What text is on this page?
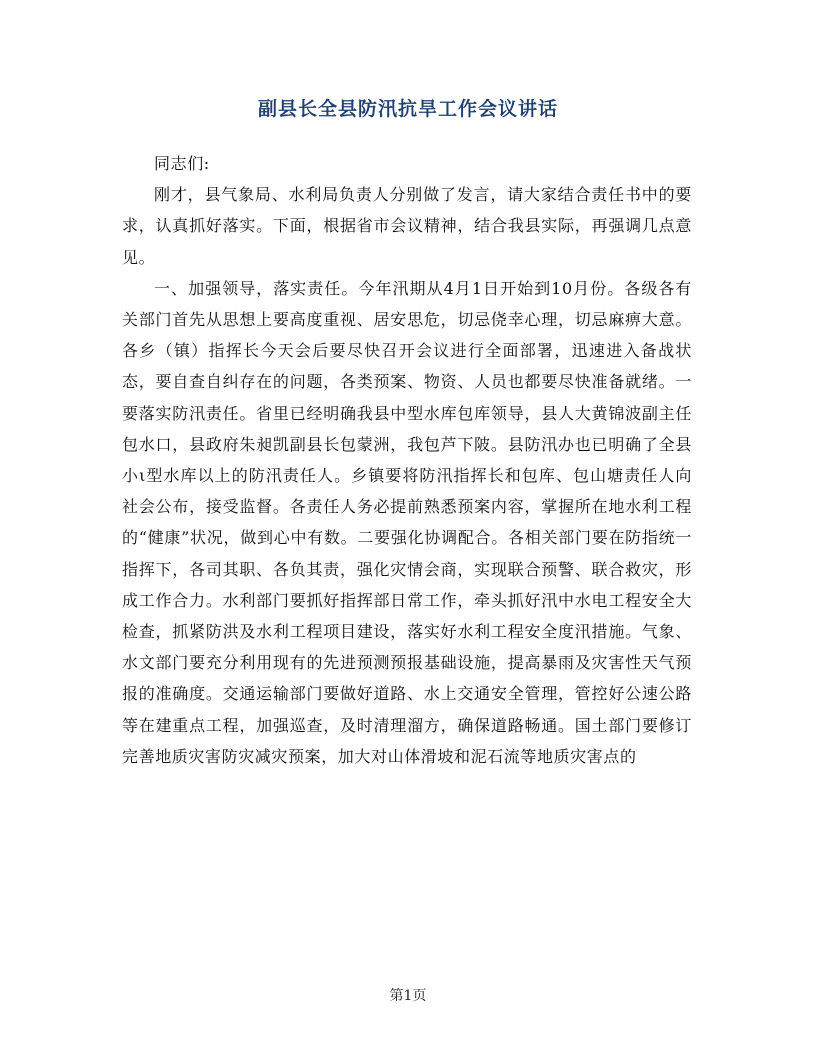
副县长全县防汛抗旱工作会议讲话

同志们:

刚才，县气象局、水利局负责人分别做了发言，请大家结合责任书中的要求，认真抓好落实。下面，根据省市会议精神，结合我县实际，再强调几点意见。

一、加强领导，落实责任。今年汛期从4月1日开始到10月份。各级各有关部门首先从思想上要高度重视、居安思危，切忌侥幸心理，切忌麻痹大意。各乡（镇）指挥长今天会后要尽快召开会议进行全面部署，迅速进入备战状态，要自查自纠存在的问题，各类预案、物资、人员也都要尽快准备就绪。一要落实防汛责任。省里已经明确我县中型水库包库领导，县人大黄锦波副主任包水口，县政府朱昶凯副县长包蒙洲，我包芦下陂。县防汛办也已明确了全县小ι型水库以上的防汛责任人。乡镇要将防汛指挥长和包库、包山塘责任人向社会公布，接受监督。各责任人务必提前熟悉预案内容，掌握所在地水利工程的“健康”状况，做到心中有数。二要强化协调配合。各相关部门要在防指统一指挥下，各司其职、各负其责，强化灾情会商，实现联合预警、联合救灾，形成工作合力。水利部门要抓好指挥部日常工作，牵头抓好汛中水电工程安全大检查，抓紧防洪及水利工程项目建设，落实好水利工程安全度汛措施。气象、水文部门要充分利用现有的先进预测预报基础设施，提高暴雨及灾害性天气预报的准确度。交通运输部门要做好道路、水上交通安全管理，管控好公速公路等在建重点工程，加强巡查，及时清理溜方，确保道路畅通。国土部门要修订完善地质灾害防灾减灾预案，加大对山体滑坡和泥石流等地质灾害点的

第1页
